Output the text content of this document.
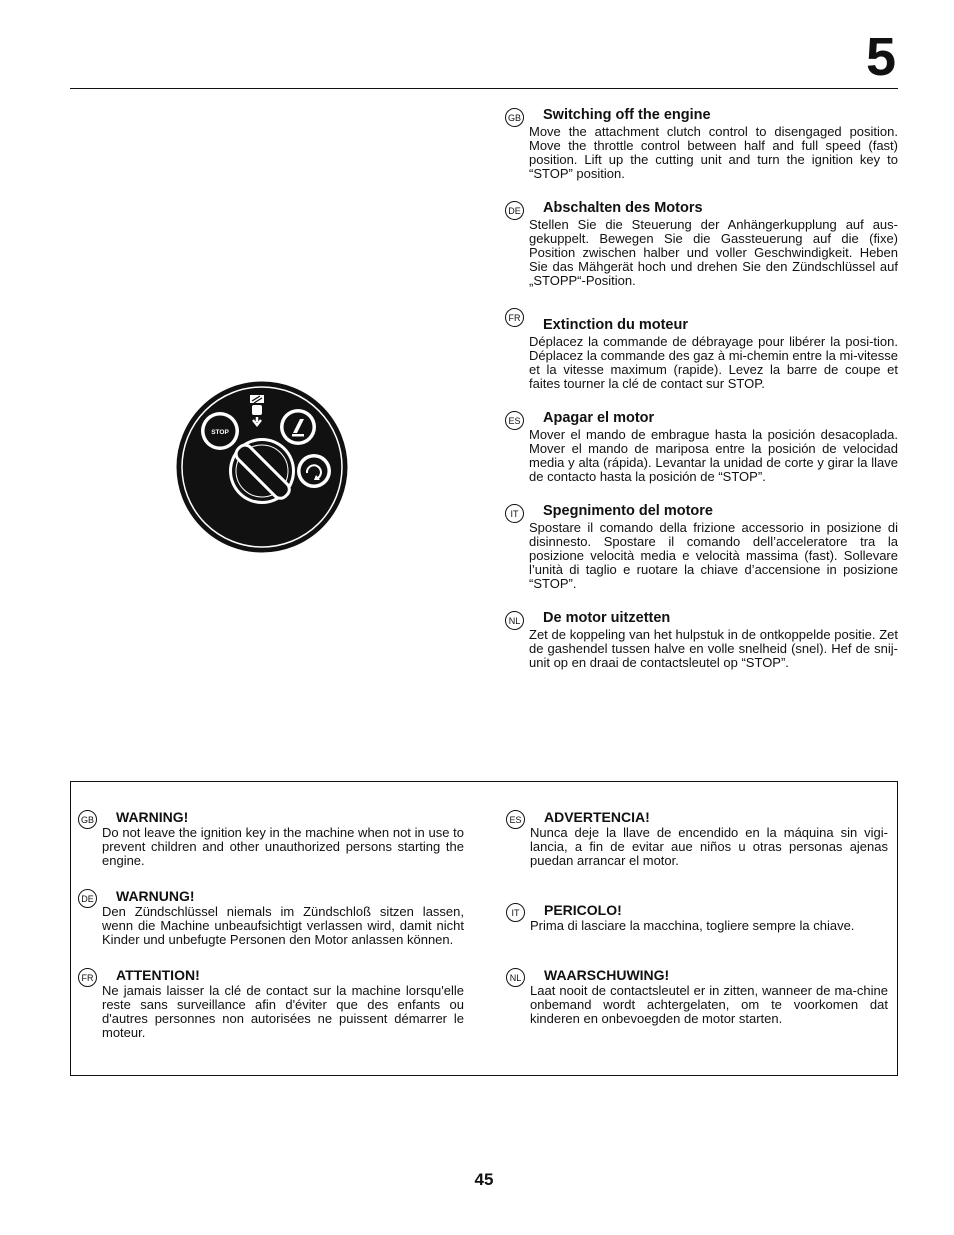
5
STOP
GB Switching off the engine

Move the attachment clutch control to disengaged position. Move the throttle control between half and full speed (fast) position. Lift up the cutting unit and turn the ignition key to “STOP” position.

DE Abschalten des Motors

Stellen Sie die Steuerung der Anhängerkupplung auf aus-gekuppelt. Bewegen Sie die Gassteuerung auf die (fixe) Position zwischen halber und voller Geschwindigkeit. Heben Sie das Mähgerät hoch und drehen Sie den Zündschlüssel auf „STOPP“-Position.

FR Extinction du moteur

Déplacez la commande de débrayage pour libérer la posi-tion. Déplacez la commande des gaz à mi-chemin entre la mi-vitesse et la vitesse maximum (rapide). Levez la barre de coupe et faites tourner la clé de contact sur STOP.

ES Apagar el motor

Mover el mando de embrague hasta la posición desacoplada. Mover el mando de mariposa entre la posición de velocidad media y alta (rápida). Levantar la unidad de corte y girar la llave de contacto hasta la posición de “STOP”.

IT	Spegnimento del motore

Spostare il comando della frizione accessorio in posizione di disinnesto. Spostare il comando dell’acceleratore tra la posizione velocità media e velocità massima (fast). Sollevare l’unità di taglio e ruotare la chiave d’accensione in posizione “STOP”.

NL De motor uitzetten

Zet de koppeling van het hulpstuk in de ontkoppelde positie. Zet de gashendel tussen halve en volle snelheid (snel). Hef de snij-unit op en draai de contactsleutel op “STOP”.

GB WARNING!

Do not leave the ignition key in the machine when not in use to prevent children and other unauthorized persons starting the engine.

DE WARNUNG!

Den Zündschlüssel niemals im Zündschloß sitzen lassen, wenn die Machine unbeaufsichtigt verlassen wird, damit nicht Kinder und unbefugte Personen den Motor anlassen können.

FR ATTENTION!

Ne jamais laisser la clé de contact sur la machine lorsqu'elle reste sans surveillance afin d'éviter que des enfants ou d'autres personnes non autorisées ne puissent démarrer le moteur.

ES ADVERTENCIA!

Nunca deje la llave de encendido en la máquina sin vigi-lancia, a fin de evitar aue niños u otras personas ajenas puedan arrancar el motor.

IT	PERICOLO!

Prima di lasciare la macchina, togliere sempre la chiave.

NL WAARSCHUWING!

Laat nooit de contactsleutel er in zitten, wanneer de ma-chine onbemand wordt achtergelaten, om te voorkomen dat kinderen en onbevoegden de motor starten.

45
